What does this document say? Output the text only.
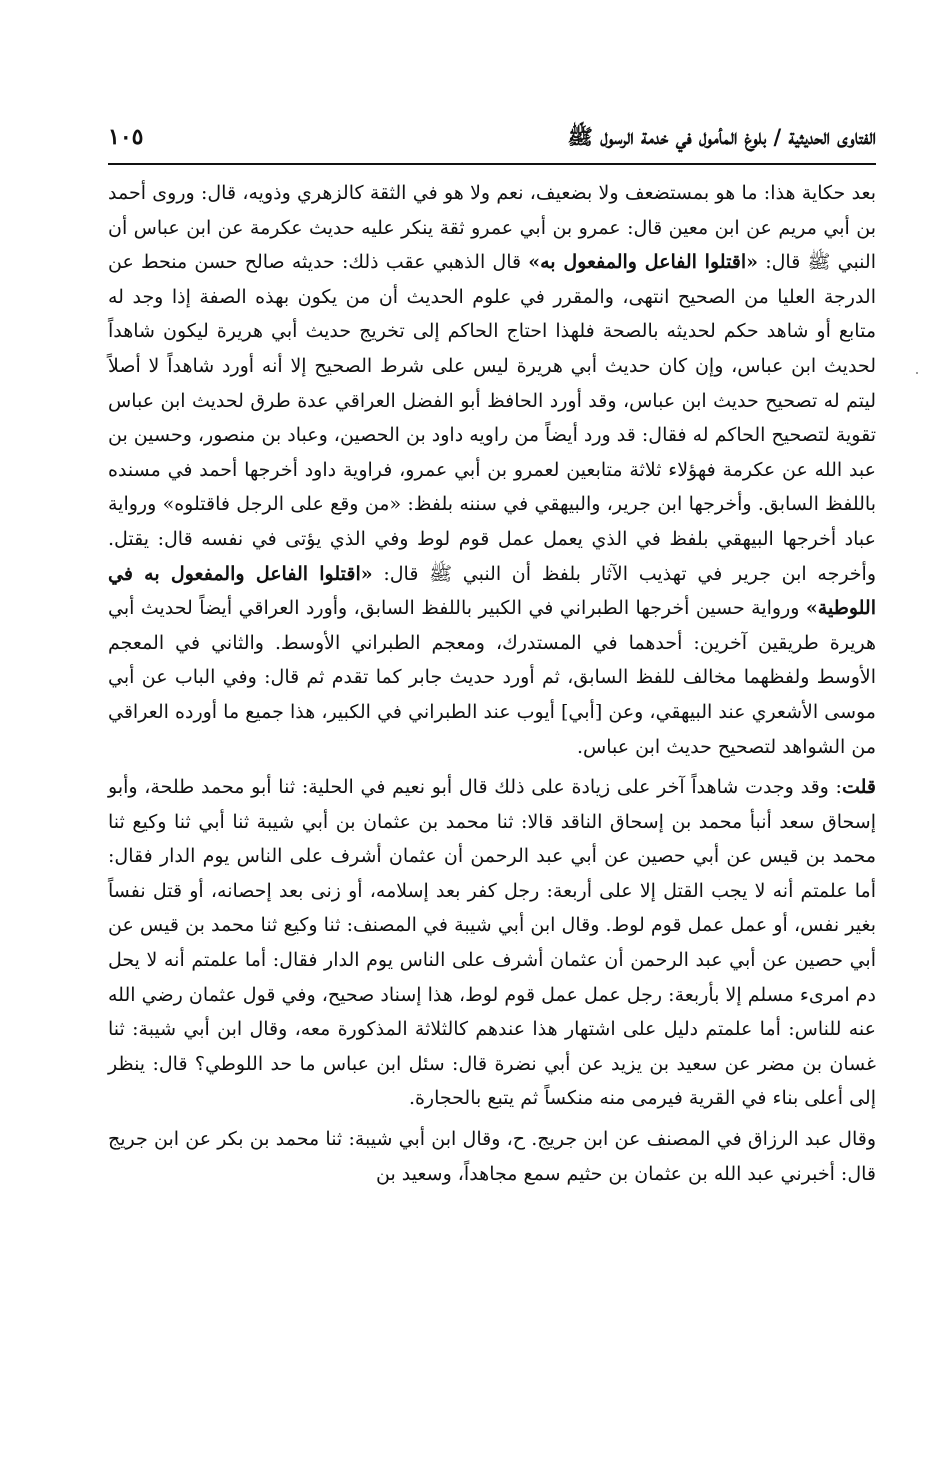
الفتاوى الحديثية / بلوغ المأمول في خدمة الرسول ﷺ
١٠٥

بعد حكاية هذا: ما هو بمستضعف ولا بضعيف، نعم ولا هو في الثقة كالزهري وذويه، قال: وروى أحمد بن أبي مريم عن ابن معين قال: عمرو بن أبي عمرو ثقة ينكر عليه حديث عكرمة عن ابن عباس أن النبي ﷺ قال: «اقتلوا الفاعل والمفعول به» قال الذهبي عقب ذلك: حديثه صالح حسن منحط عن الدرجة العليا من الصحيح انتهى، والمقرر في علوم الحديث أن من يكون بهذه الصفة إذا وجد له متابع أو شاهد حكم لحديثه بالصحة فلهذا احتاج الحاكم إلى تخريج حديث أبي هريرة ليكون شاهداً لحديث ابن عباس، وإن كان حديث أبي هريرة ليس على شرط الصحيح إلا أنه أورد شاهداً لا أصلاً ليتم له تصحيح حديث ابن عباس، وقد أورد الحافظ أبو الفضل العراقي عدة طرق لحديث ابن عباس تقوية لتصحيح الحاكم له فقال: قد ورد أيضاً من راويه داود بن الحصين، وعباد بن منصور، وحسين بن عبد الله عن عكرمة فهؤلاء ثلاثة متابعين لعمرو بن أبي عمرو، فراوية داود أخرجها أحمد في مسنده باللفظ السابق. وأخرجها ابن جرير، والبيهقي في سننه بلفظ: «من وقع على الرجل فاقتلوه» ورواية عباد أخرجها البيهقي بلفظ في الذي يعمل عمل قوم لوط وفي الذي يؤتى في نفسه قال: يقتل. وأخرجه ابن جرير في تهذيب الآثار بلفظ أن النبي ﷺ قال: «اقتلوا الفاعل والمفعول به في اللوطية» ورواية حسين أخرجها الطبراني في الكبير باللفظ السابق، وأورد العراقي أيضاً لحديث أبي هريرة طريقين آخرين: أحدهما في المستدرك، ومعجم الطبراني الأوسط. والثاني في المعجم الأوسط ولفظهما مخالف للفظ السابق، ثم أورد حديث جابر كما تقدم ثم قال: وفي الباب عن أبي موسى الأشعري عند البيهقي، وعن [أبي] أيوب عند الطبراني في الكبير، هذا جميع ما أورده العراقي من الشواهد لتصحيح حديث ابن عباس.

قلت: وقد وجدت شاهداً آخر على زيادة على ذلك قال أبو نعيم في الحلية: ثنا أبو محمد طلحة، وأبو إسحاق سعد أنبأ محمد بن إسحاق الناقد قالا: ثنا محمد بن عثمان بن أبي شيبة ثنا أبي ثنا وكيع ثنا محمد بن قيس عن أبي حصين عن أبي عبد الرحمن أن عثمان أشرف على الناس يوم الدار فقال: أما علمتم أنه لا يجب القتل إلا على أربعة: رجل كفر بعد إسلامه، أو زنى بعد إحصانه، أو قتل نفساً بغير نفس، أو عمل عمل قوم لوط. وقال ابن أبي شيبة في المصنف: ثنا وكيع ثنا محمد بن قيس عن أبي حصين عن أبي عبد الرحمن أن عثمان أشرف على الناس يوم الدار فقال: أما علمتم أنه لا يحل دم امرىء مسلم إلا بأربعة: رجل عمل عمل قوم لوط، هذا إسناد صحيح، وفي قول عثمان رضي الله عنه للناس: أما علمتم دليل على اشتهار هذا عندهم كالثلاثة المذكورة معه، وقال ابن أبي شيبة: ثنا غسان بن مضر عن سعيد بن يزيد عن أبي نضرة قال: سئل ابن عباس ما حد اللوطي؟ قال: ينظر إلى أعلى بناء في القرية فيرمى منه منكساً ثم يتبع بالحجارة.

وقال عبد الرزاق في المصنف عن ابن جريج. ح، وقال ابن أبي شيبة: ثنا محمد بن بكر عن ابن جريج قال: أخبرني عبد الله بن عثمان بن حثيم سمع مجاهداً، وسعيد بن
